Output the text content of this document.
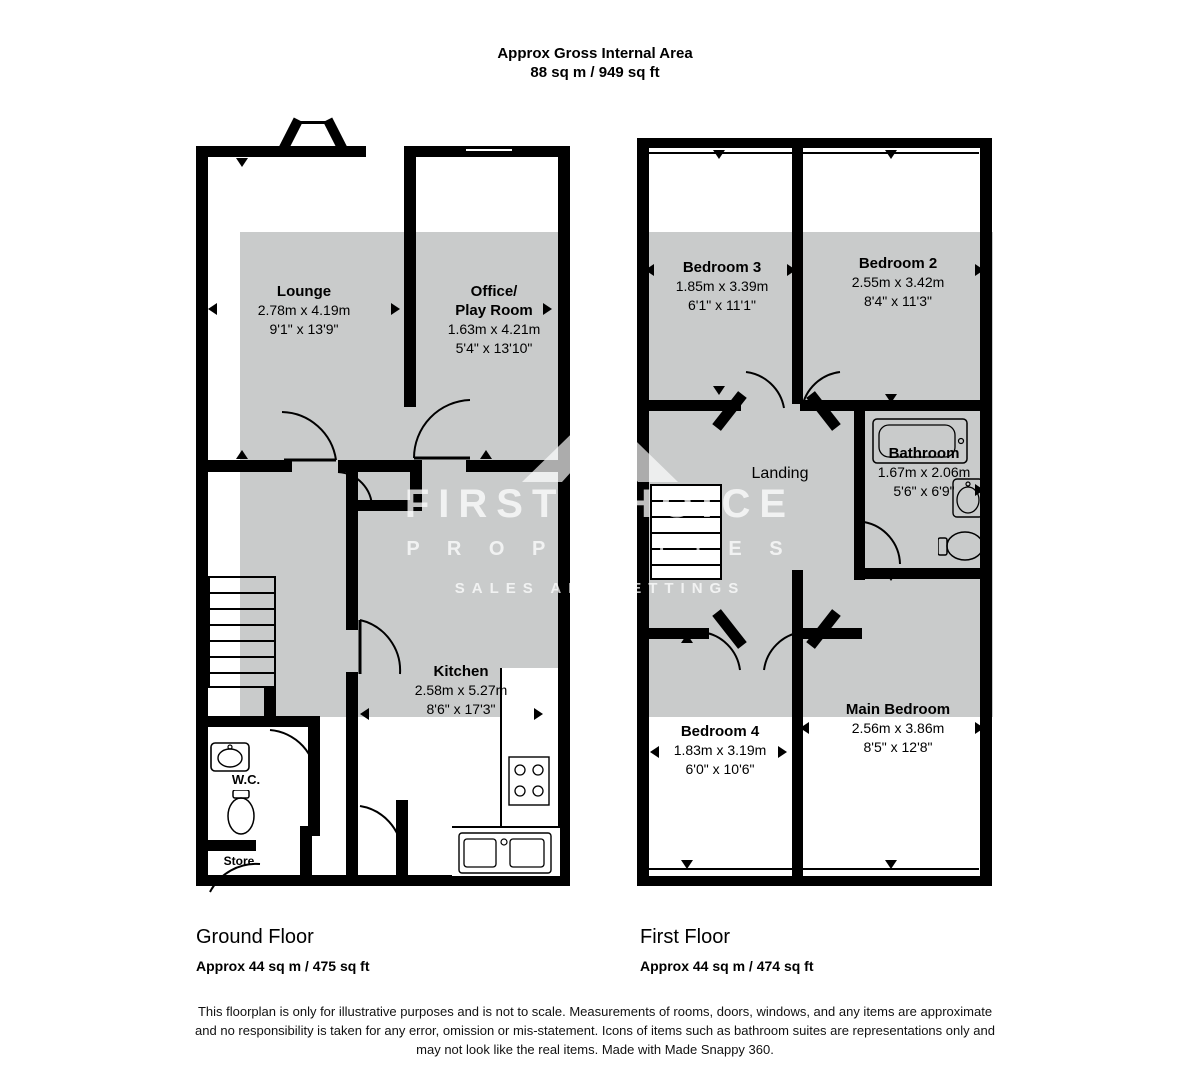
Approx Gross Internal Area
88 sq m / 949 sq ft
Lounge
2.78m x 4.19m
9'1" x 13'9"
Office/
Play Room
1.63m x 4.21m
5'4" x 13'10"
Kitchen
2.58m x 5.27m
8'6" x 17'3"
W.C.
Store
Ground Floor
Approx 44 sq m / 475 sq ft
Bedroom 3
1.85m x 3.39m
6'1" x 11'1"
Bedroom 2
2.55m x 3.42m
8'4" x 11'3"
Bathroom
1.67m x 2.06m
5'6" x 6'9"
Bedroom 4
1.83m x 3.19m
6'0" x 10'6"
Main Bedroom
2.56m x 3.86m
8'5" x 12'8"
Landing
First Floor
Approx 44 sq m / 474 sq ft
FIRST CHOICE
P R O P E R T I E S
SALES AND LETTINGS
This floorplan is only for illustrative purposes and is not to scale. Measurements of rooms, doors, windows, and any items are approximate
and no responsibility is taken for any error, omission or mis-statement. Icons of items such as bathroom suites are representations only and
may not look like the real items. Made with Made Snappy 360.
